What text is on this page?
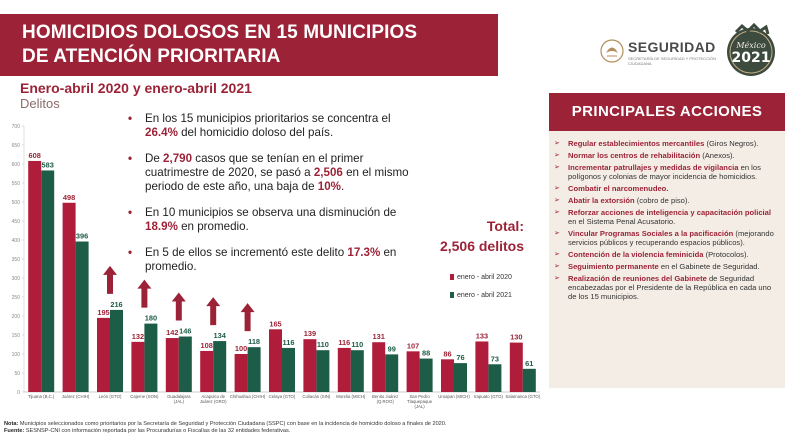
HOMICIDIOS DOLOSOS EN 15 MUNICIPIOS
DE ATENCIÓN PRIORITARIA	SEGURIDAD
SECRETARÍA DE SEGURIDAD Y PROTECCIÓN CIUDADANA
México
2021
Enero-abril 2020 y enero-abril 2021
Delitos
0
50
100
150
200
250
300
350
400
450
500
550
600
650
700
608
583
Tijuana (B.C.)
498
396
Juárez (CHIH)
195
216
León (GTO)
132
180
Cajeme (SON)
142 146
Guadalajara (JAL)
108
134
Acapulco de Juárez (GRO)
100
118
Chihuahua (CHIH)
165
116
Celaya (GTO)
139
110
Culiacán (SIN)
116 110
Morelia (MICH)
131
99
Benito Juárez (Q.ROO)
107
88
San Pedro Tlaquepaque (JAL)
86 76
Uruapan (MICH)
133
73
Irapuato (GTO)
130
61
Salamanca (GTO)
• En los 15 municipios prioritarios se concentra el 26.4% del homicidio doloso del país.
• De 2,790 casos que se tenían en el primer cuatrimestre de 2020, se pasó a 2,506 en el mismo periodo de este año, una baja de 10%.
• En 10 municipios se observa una disminución de 18.9% en promedio.
• En 5 de ellos se incrementó este delito 17.3% en promedio.
Total:
2,506 delitos
enero - abril 2020
enero - abril 2021
PRINCIPALES ACCIONES
➢ Regular establecimientos mercantiles (Giros Negros).
➢ Normar los centros de rehabilitación (Anexos).
➢ Incrementar patrullajes y medidas de vigilancia en los polígonos y colonias de mayor incidencia de homicidios.
➢ Combatir el narcomenudeo.
➢ Abatir la extorsión (cobro de piso).
➢ Reforzar acciones de inteligencia y capacitación policial en el Sistema Penal Acusatorio.
➢ Vincular Programas Sociales a la pacificación (mejorando servicios públicos y recuperando espacios públicos).
➢ Contención de la violencia feminicida (Protocolos).
➢ Seguimiento permanente en el Gabinete de Seguridad.
➢ Realización de reuniones del Gabinete de Seguridad encabezadas por el Presidente de la República en cada uno de los 15 municipios.
Nota: Municipios seleccionados como prioritarios por la Secretaría de Seguridad y Protección Ciudadana (SSPC) con base en la incidencia de homicidio doloso a finales de 2020.
Fuente: SESNSP-CNI con información reportada por las Procuradurías o Fiscalías de las 32 entidades federativas.
